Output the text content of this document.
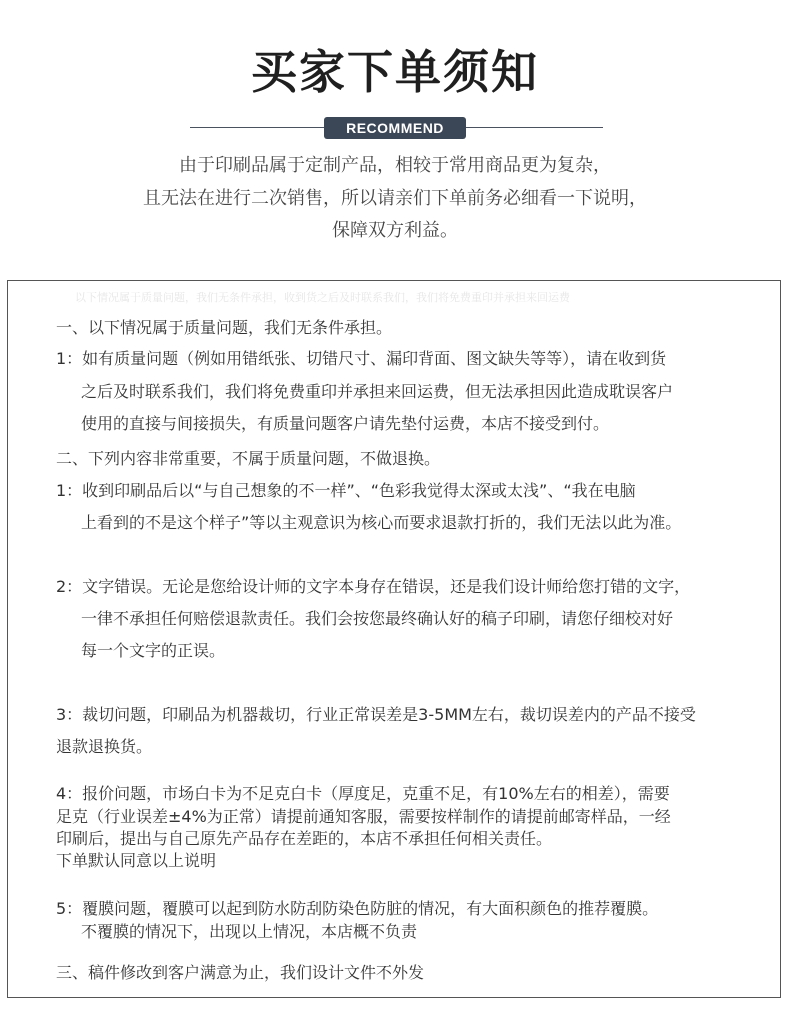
买家下单须知
RECOMMEND
由于印刷品属于定制产品，相较于常用商品更为复杂，
且无法在进行二次销售，所以请亲们下单前务必细看一下说明，
保障双方利益。
以下情况属于质量问题，我们无条件承担，收到货之后及时联系我们，我们将免费重印并承担来回运费
一、以下情况属于质量问题，我们无条件承担。
1：如有质量问题（例如用错纸张、切错尺寸、漏印背面、图文缺失等等），请在收到货
之后及时联系我们，我们将免费重印并承担来回运费，但无法承担因此造成耽误客户
使用的直接与间接损失，有质量问题客户请先垫付运费，本店不接受到付。
二、下列内容非常重要，不属于质量问题，不做退换。
1：收到印刷品后以“与自己想象的不一样”、“色彩我觉得太深或太浅”、“我在电脑
上看到的不是这个样子”等以主观意识为核心而要求退款打折的，我们无法以此为准。
2：文字错误。无论是您给设计师的文字本身存在错误，还是我们设计师给您打错的文字，
一律不承担任何赔偿退款责任。我们会按您最终确认好的稿子印刷，请您仔细校对好
每一个文字的正误。
3：裁切问题，印刷品为机器裁切，行业正常误差是3-5MM左右，裁切误差内的产品不接受
退款退换货。
4：报价问题，市场白卡为不足克白卡（厚度足，克重不足，有10%左右的相差），需要
足克（行业误差±4%为正常）请提前通知客服，需要按样制作的请提前邮寄样品，一经
印刷后，提出与自己原先产品存在差距的，本店不承担任何相关责任。
下单默认同意以上说明
5：覆膜问题，覆膜可以起到防水防刮防染色防脏的情况，有大面积颜色的推荐覆膜。
不覆膜的情况下，出现以上情况，本店概不负责
三、稿件修改到客户满意为止，我们设计文件不外发
